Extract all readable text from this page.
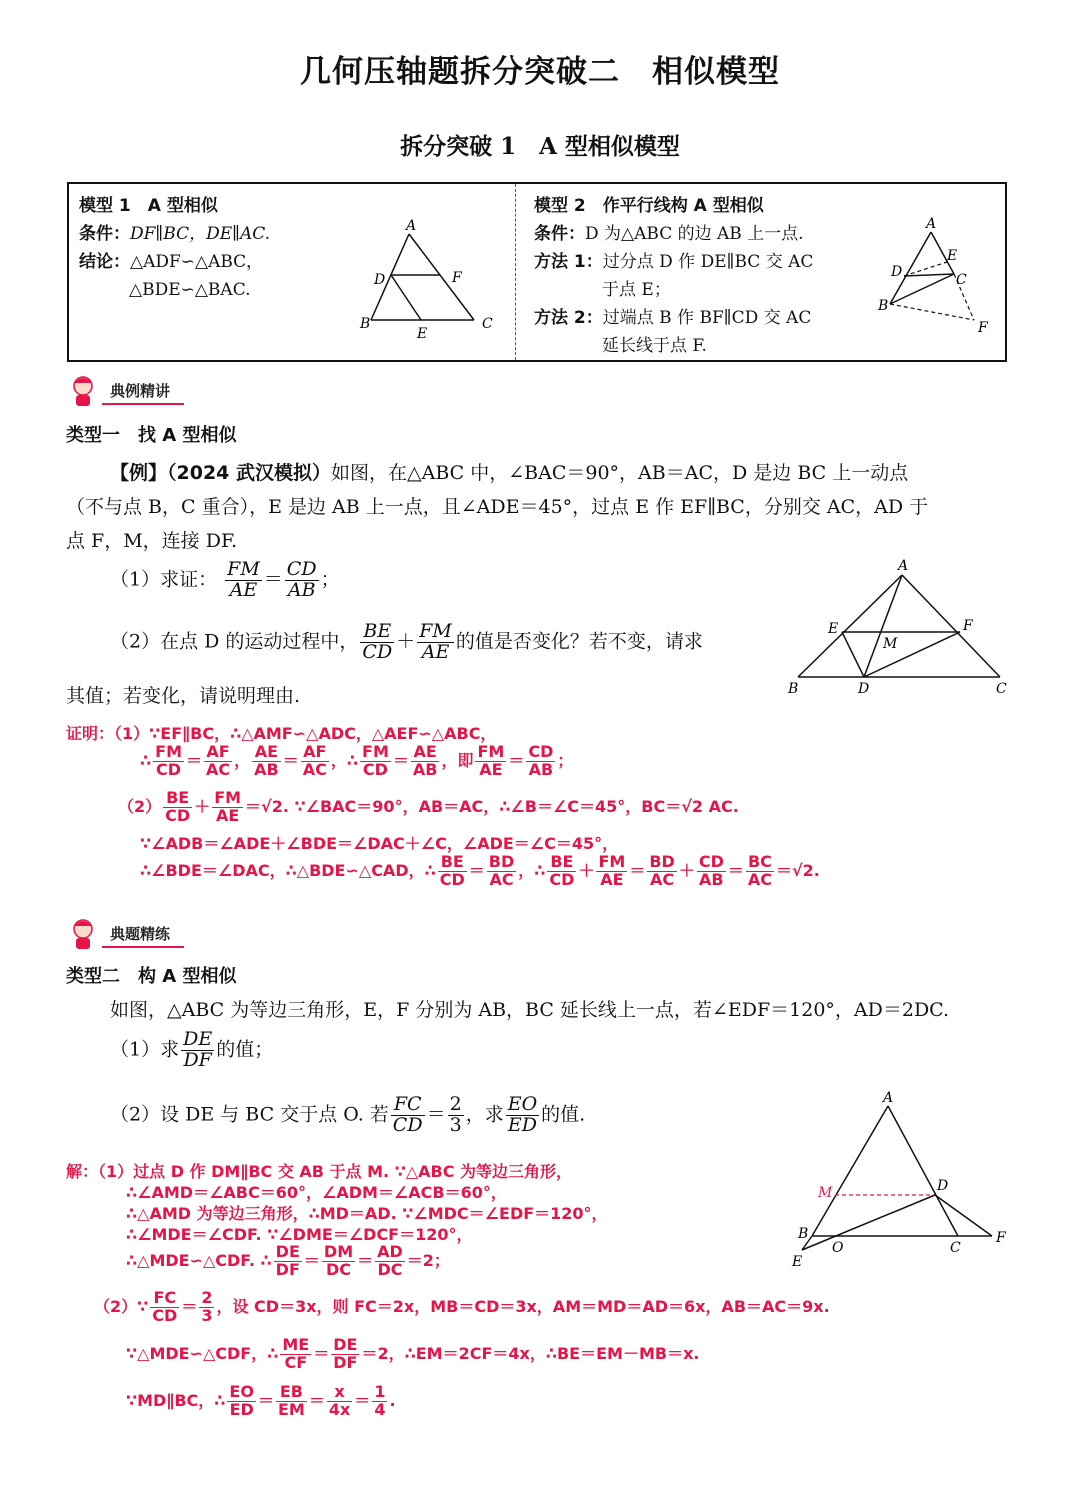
几何压轴题拆分突破二　相似模型
拆分突破 1　A 型相似模型
模型 1　A 型相似
条件：DF∥BC，DE∥AC.
结论：△ADF∽△ABC，
△BDE∽△BAC.
A
D	F
B
E
C
模型 2　作平行线构 A 型相似
条件：D 为△ABC 的边 AB 上一点.
方法 1：过分点 D 作 DE∥BC 交 AC
于点 E；
方法 2：过端点 B 作 BF∥CD 交 AC
延长线于点 F.
A
D
E
C
B
F
典例精讲
类型一　找 A 型相似
【例】（2024 武汉模拟）如图，在△ABC 中，∠BAC＝90°，AB＝AC，D 是边 BC 上一动点
（不与点 B，C 重合），E 是边 AB 上一点，且∠ADE＝45°，过点 E 作 EF∥BC，分别交 AC，AD 于
点 F，M，连接 DF.
（1）求证： $\frac{FM}{AE} = \frac{CD}{AB}$ ；
（2）在点 D 的运动过程中， $\frac{BE}{CD} + \frac{FM}{AE}$ 的值是否变化？若不变，请求
其值；若变化，请说明理由.
A
E	F
M
B	D	C
证明：（1）∵EF∥BC，∴△AMF∽△ADC，△AEF∽△ABC，
∴ $\frac{FM}{CD} = \frac{AF}{AC}$ ， $\frac{AE}{AB} = \frac{AF}{AC}$ ，∴ $\frac{FM}{CD} = \frac{AE}{AB}$ ，即 $\frac{FM}{AE} = \frac{CD}{AB}$ ；
$(2) \frac{BE}{CD} + \frac{FM}{AE} =√2$. ∵∠BAC＝90°，AB＝AC，∴∠B＝∠C＝45°，BC＝√2 AC.
∵∠ADB＝∠ADE＋∠BDE＝∠DAC＋∠C，∠ADE＝∠C＝45°，
∴∠BDE＝∠DAC，∴△BDE∽△CAD，∴ $\frac{BE}{CD} = \frac{BD}{AC}$ ，∴ $\frac{BE}{CD} + \frac{FM}{AE} = \frac{BD}{AC} + \frac{CD}{AB} = \frac{BC}{AC} =√2$.
典题精练
类型二　构 A 型相似
如图，△ABC 为等边三角形，E，F 分别为 AB，BC 延长线上一点，若∠EDF＝120°，AD＝2DC.
（1）求 $\frac{DE}{DF}$ 的值；
（2）设 DE 与 BC 交于点 O. 若 $\frac{FC}{CD} = \frac{2}{3}$ ，求 $\frac{EO}{ED}$ 的值.
A
M	D
B
O	C
F
E
解：（1）过点 D 作 DM∥BC 交 AB 于点 M. ∵△ABC 为等边三角形，
∴∠AMD＝∠ABC＝60°，∠ADM＝∠ACB＝60°，
∴△AMD 为等边三角形，∴MD＝AD. ∵∠MDC＝∠EDF＝120°，
∴∠MDE＝∠CDF. ∵∠DME＝∠DCF＝120°，
∴△MDE∽△CDF. ∴ $\frac{DE}{DF} = \frac{DM}{DC} = \frac{AD}{DC} =2$；
（2）∵ $\frac{FC}{CD} = \frac{2}{3}$ ，设 CD＝3x，则 FC＝2x，MB＝CD＝3x，AM＝MD＝AD＝6x，AB＝AC＝9x.
∵△MDE∽△CDF，∴ $\frac{ME}{CF} = \frac{DE}{DF} =2$，∴EM＝2CF＝4x，∴BE＝EM－MB＝x.
∵MD∥BC，∴ $\frac{EO}{ED} = \frac{EB}{EM} = \frac{x}{4x} = \frac{1}{4}$ .
